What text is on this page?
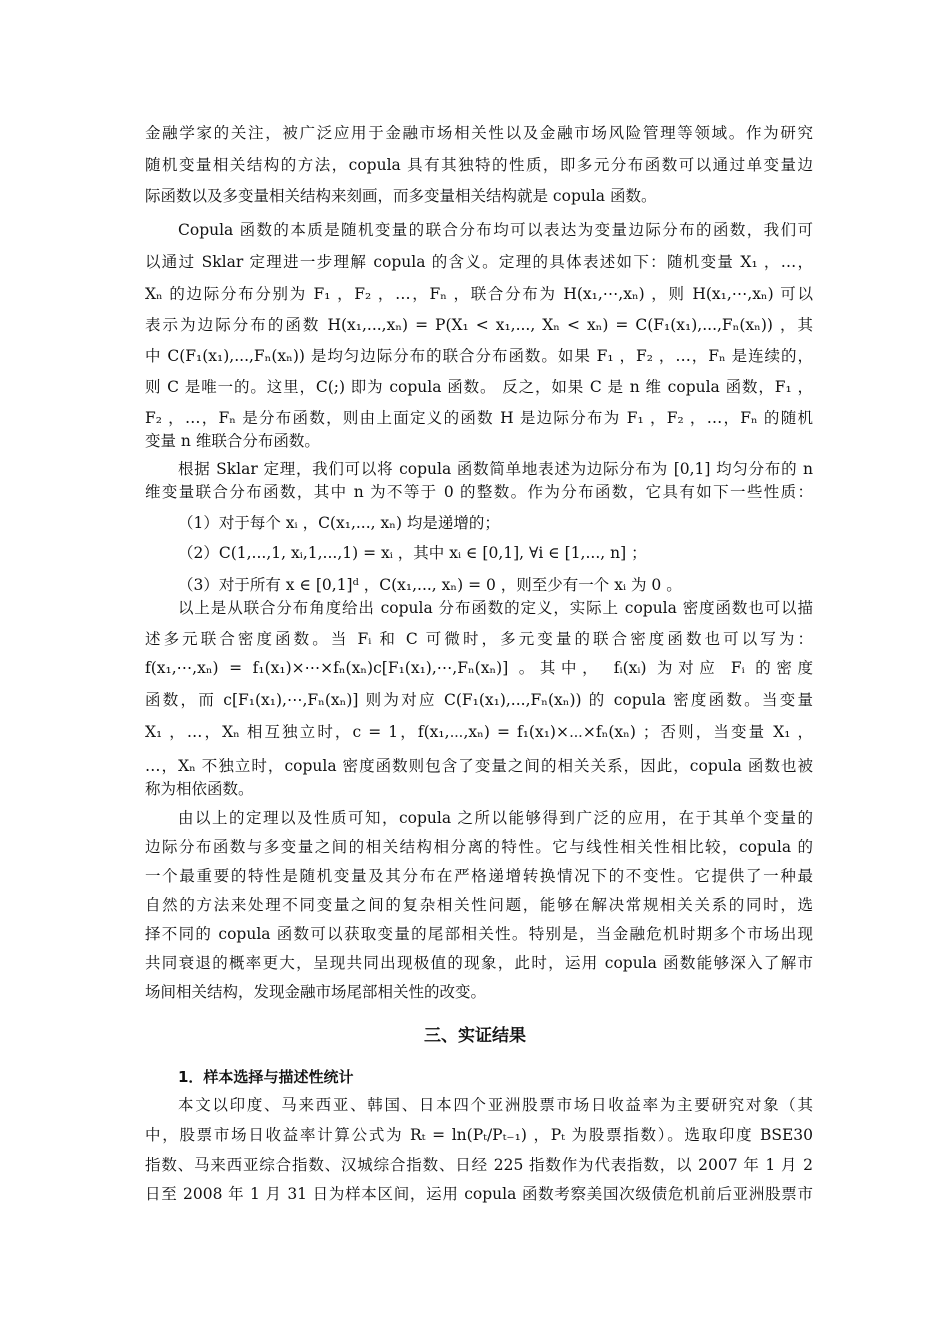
金融学家的关注，被广泛应用于金融市场相关性以及金融市场风险管理等领域。作为研究
随机变量相关结构的方法，copula 具有其独特的性质，即多元分布函数可以通过单变量边
际函数以及多变量相关结构来刻画，而多变量相关结构就是 copula 函数。
Copula 函数的本质是随机变量的联合分布均可以表达为变量边际分布的函数，我们可
以通过 Sklar 定理进一步理解 copula 的含义。定理的具体表述如下：随机变量 X₁ ，…，
Xₙ 的边际分布分别为 F₁ ，F₂ ，…，Fₙ ，联合分布为 H(x₁,⋯,xₙ) ，则 H(x₁,⋯,xₙ) 可以
表示为边际分布的函数 H(x₁,...,xₙ) = P(X₁ < x₁,..., Xₙ < xₙ) = C(F₁(x₁),...,Fₙ(xₙ)) ，其
中 C(F₁(x₁),...,Fₙ(xₙ)) 是均匀边际分布的联合分布函数。如果 F₁ ，F₂ ，…，Fₙ 是连续的，
则 C 是唯一的。这里，C(;) 即为 copula 函数。 反之，如果 C 是 n 维 copula 函数，F₁ ，
F₂ ，…，Fₙ 是分布函数，则由上面定义的函数 H 是边际分布为 F₁ ，F₂ ，…，Fₙ 的随机
变量 n 维联合分布函数。
根据 Sklar 定理，我们可以将 copula 函数简单地表述为边际分布为 [0,1] 均匀分布的 n
维变量联合分布函数，其中 n 为不等于 0 的整数。作为分布函数，它具有如下一些性质：
（1）对于每个 xᵢ ，C(x₁,..., xₙ) 均是递增的；
（2）C(1,...,1, xᵢ,1,...,1) = xᵢ ，其中 xᵢ ∈ [0,1], ∀i ∈ [1,..., n] ；
（3）对于所有 x ∈ [0,1]ᵈ ，C(x₁,..., xₙ) = 0 ，则至少有一个 xᵢ 为 0 。
以上是从联合分布角度给出 copula 分布函数的定义，实际上 copula 密度函数也可以描
述多元联合密度函数。当 Fᵢ 和 C 可微时，多元变量的联合密度函数也可以写为：
f(x₁,⋯,xₙ) = f₁(x₁)×⋯×fₙ(xₙ)c[F₁(x₁),⋯,Fₙ(xₙ)] 。其中， fᵢ(xᵢ) 为对应 Fᵢ 的密度
函数，而 c[F₁(x₁),⋯,Fₙ(xₙ)] 则为对应 C(F₁(x₁),...,Fₙ(xₙ)) 的 copula 密度函数。当变量
X₁ ，…，Xₙ 相互独立时，c = 1，f(x₁,⋯,xₙ) = f₁(x₁)×⋯×fₙ(xₙ) ；否则，当变量 X₁ ，
…，Xₙ 不独立时，copula 密度函数则包含了变量之间的相关关系，因此，copula 函数也被
称为相依函数。
由以上的定理以及性质可知，copula 之所以能够得到广泛的应用，在于其单个变量的
边际分布函数与多变量之间的相关结构相分离的特性。它与线性相关性相比较，copula 的
一个最重要的特性是随机变量及其分布在严格递增转换情况下的不变性。它提供了一种最
自然的方法来处理不同变量之间的复杂相关性问题，能够在解决常规相关关系的同时，选
择不同的 copula 函数可以获取变量的尾部相关性。特别是，当金融危机时期多个市场出现
共同衰退的概率更大，呈现共同出现极值的现象，此时，运用 copula 函数能够深入了解市
场间相关结构，发现金融市场尾部相关性的改变。
三、实证结果
1．样本选择与描述性统计
本文以印度、马来西亚、韩国、日本四个亚洲股票市场日收益率为主要研究对象（其
中，股票市场日收益率计算公式为 Rₜ = ln(Pₜ/Pₜ₋₁) ，Pₜ 为股票指数）。选取印度 BSE30
指数、马来西亚综合指数、汉城综合指数、日经 225 指数作为代表指数，以 2007 年 1 月 2
日至 2008 年 1 月 31 日为样本区间，运用 copula 函数考察美国次级债危机前后亚洲股票市
